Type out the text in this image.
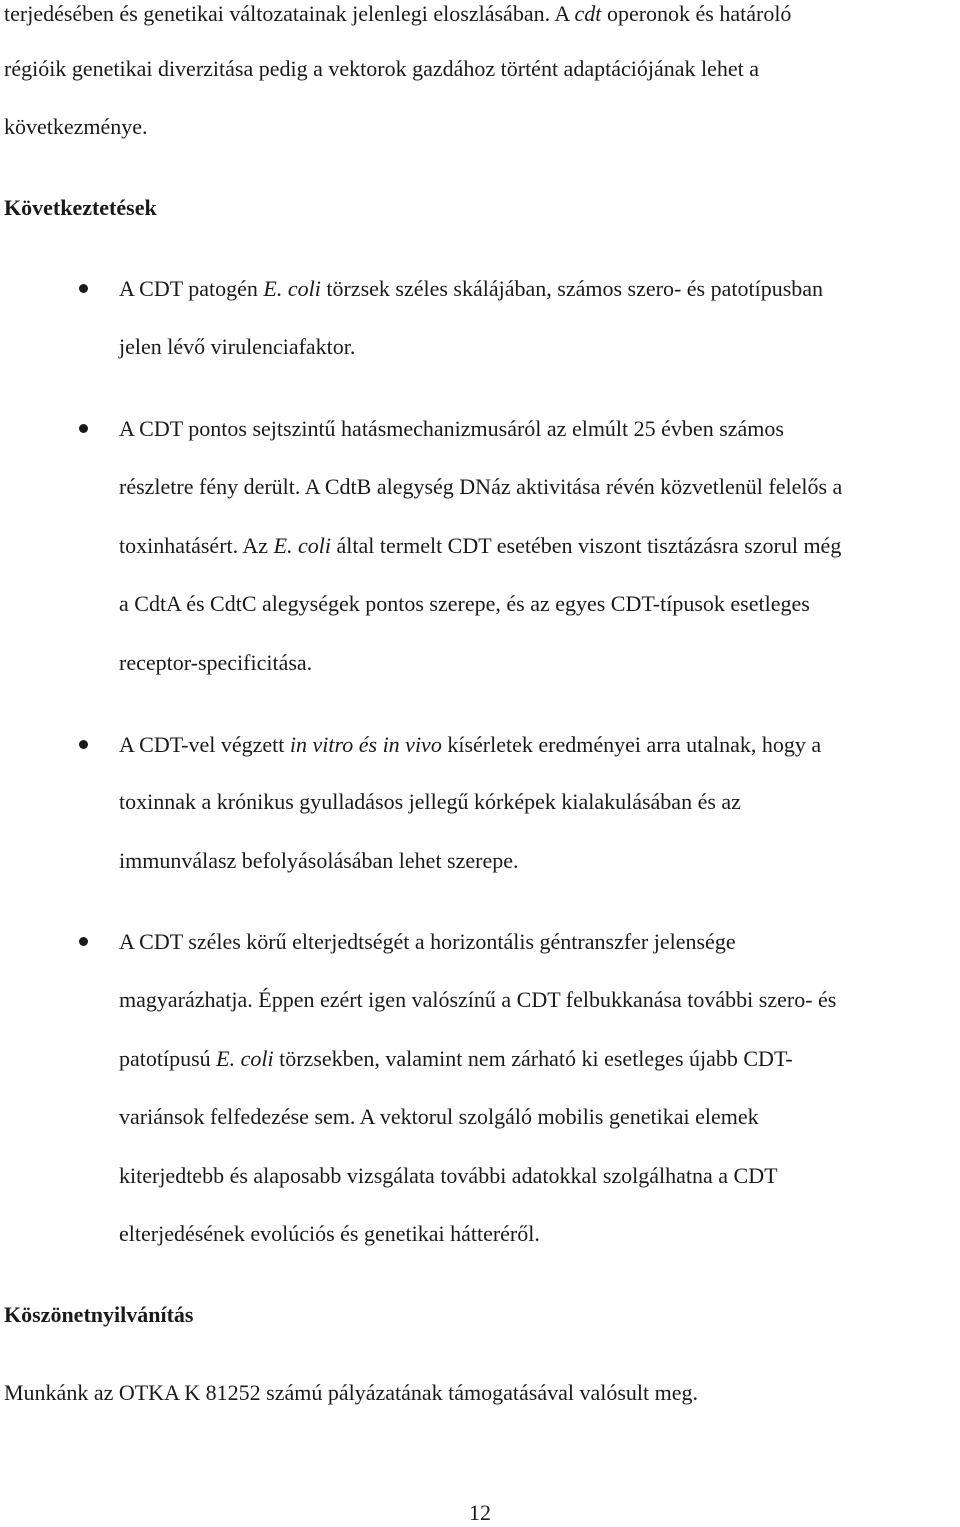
terjedésében és genetikai változatainak jelenlegi eloszlásában. A cdt operonok és határoló
régióik genetikai diverzitása pedig a vektorok gazdához történt adaptációjának lehet a
következménye.
Következtetések
A CDT patogén E. coli törzsek széles skálájában, számos szero- és patotípusban
jelen lévő virulenciafaktor.
A CDT pontos sejtszintű hatásmechanizmusáról az elmúlt 25 évben számos
részletre fény derült. A CdtB alegység DNáz aktivitása révén közvetlenül felelős a
toxinhatásért. Az E. coli által termelt CDT esetében viszont tisztázásra szorul még
a CdtA és CdtC alegységek pontos szerepe, és az egyes CDT-típusok esetleges
receptor-specificitása.
A CDT-vel végzett in vitro és in vivo kísérletek eredményei arra utalnak, hogy a
toxinnak a krónikus gyulladásos jellegű kórképek kialakulásában és az
immunválasz befolyásolásában lehet szerepe.
A CDT széles körű elterjedtségét a horizontális géntranszfer jelensége
magyarázhatja. Éppen ezért igen valószínű a CDT felbukkanása további szero- és
patotípusú E. coli törzsekben, valamint nem zárható ki esetleges újabb CDT-
variánsok felfedezése sem. A vektorul szolgáló mobilis genetikai elemek
kiterjedtebb és alaposabb vizsgálata további adatokkal szolgálhatna a CDT
elterjedésének evolúciós és genetikai hátteréről.
Köszönetnyilvánítás
Munkánk az OTKA K 81252 számú pályázatának támogatásával valósult meg.
12
